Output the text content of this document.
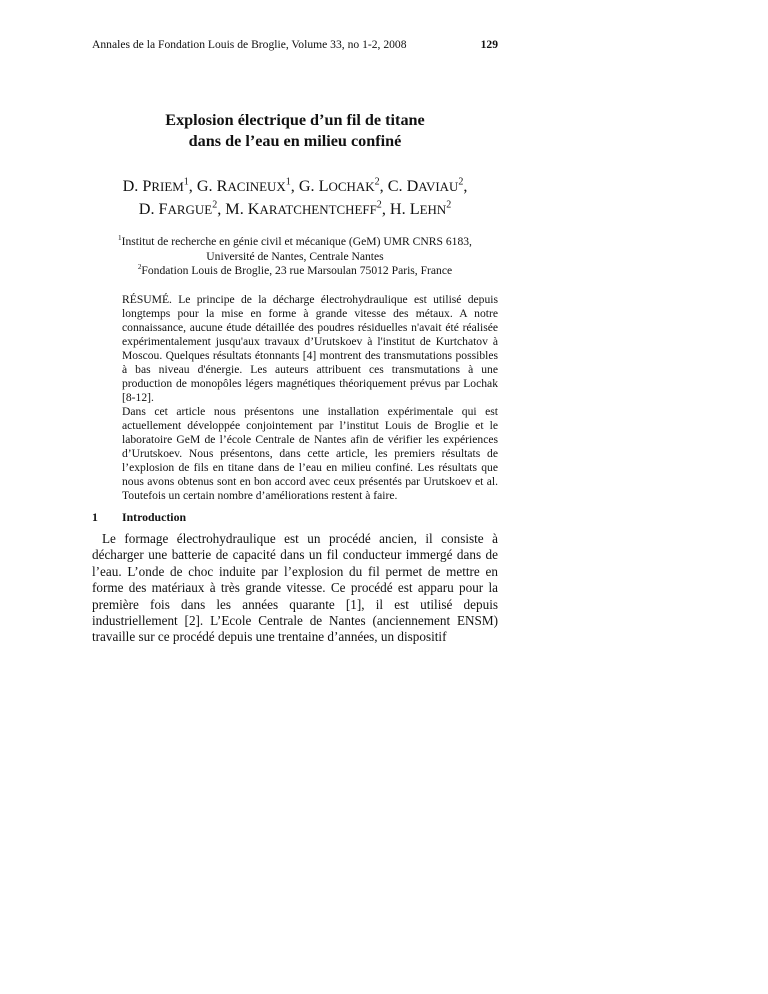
Annales de la Fondation Louis de Broglie, Volume 33, no 1-2, 2008	129
Explosion électrique d’un fil de titane
dans de l’eau en milieu confiné
D. PRIEM$^1$, G. RACINEUX$^1$, G. LOCHAK$^2$, C. DAVIAU$^2$,
D. FARGUE$^2$, M. KARATCHENTCHEFF$^2$, H. LEHN$^2$
$^1$Institut de recherche en génie civil et mécanique (GeM) UMR CNRS 6183,
Université de Nantes, Centrale Nantes
$^2$Fondation Louis de Broglie, 23 rue Marsoulan 75012 Paris, France

RÉSUMÉ. Le principe de la décharge électrohydraulique est utilisé depuis longtemps pour la mise en forme à grande vitesse des métaux. A notre connaissance, aucune étude détaillée des poudres résiduelles n'avait été réalisée expérimentalement jusqu'aux travaux d’Urutskoev à l'institut de Kurtchatov à Moscou. Quelques résultats étonnants [4] montrent des transmutations possibles à bas niveau d'énergie. Les auteurs attribuent ces transmutations à une production de monopôles légers magnétiques théoriquement prévus par Lochak [8-12].

Dans cet article nous présentons une installation expérimentale qui est actuellement développée conjointement par l’institut Louis de Broglie et le laboratoire GeM de l’école Centrale de Nantes afin de vérifier les expériences d’Urutskoev. Nous présentons, dans cette article, les premiers résultats de l’explosion de fils en titane dans de l’eau en milieu confiné. Les résultats que nous avons obtenus sont en bon accord avec ceux présentés par Urutskoev et al. Toutefois un certain nombre d’améliorations restent à faire.

1 Introduction

Le formage électrohydraulique est un procédé ancien, il consiste à décharger une batterie de capacité dans un fil conducteur immergé dans de l’eau. L’onde de choc induite par l’explosion du fil permet de mettre en forme des matériaux à très grande vitesse. Ce procédé est apparu pour la première fois dans les années quarante [1], il est utilisé depuis industriellement [2]. L’Ecole Centrale de Nantes (anciennement ENSM) travaille sur ce procédé depuis une trentaine d’années, un dispositif
